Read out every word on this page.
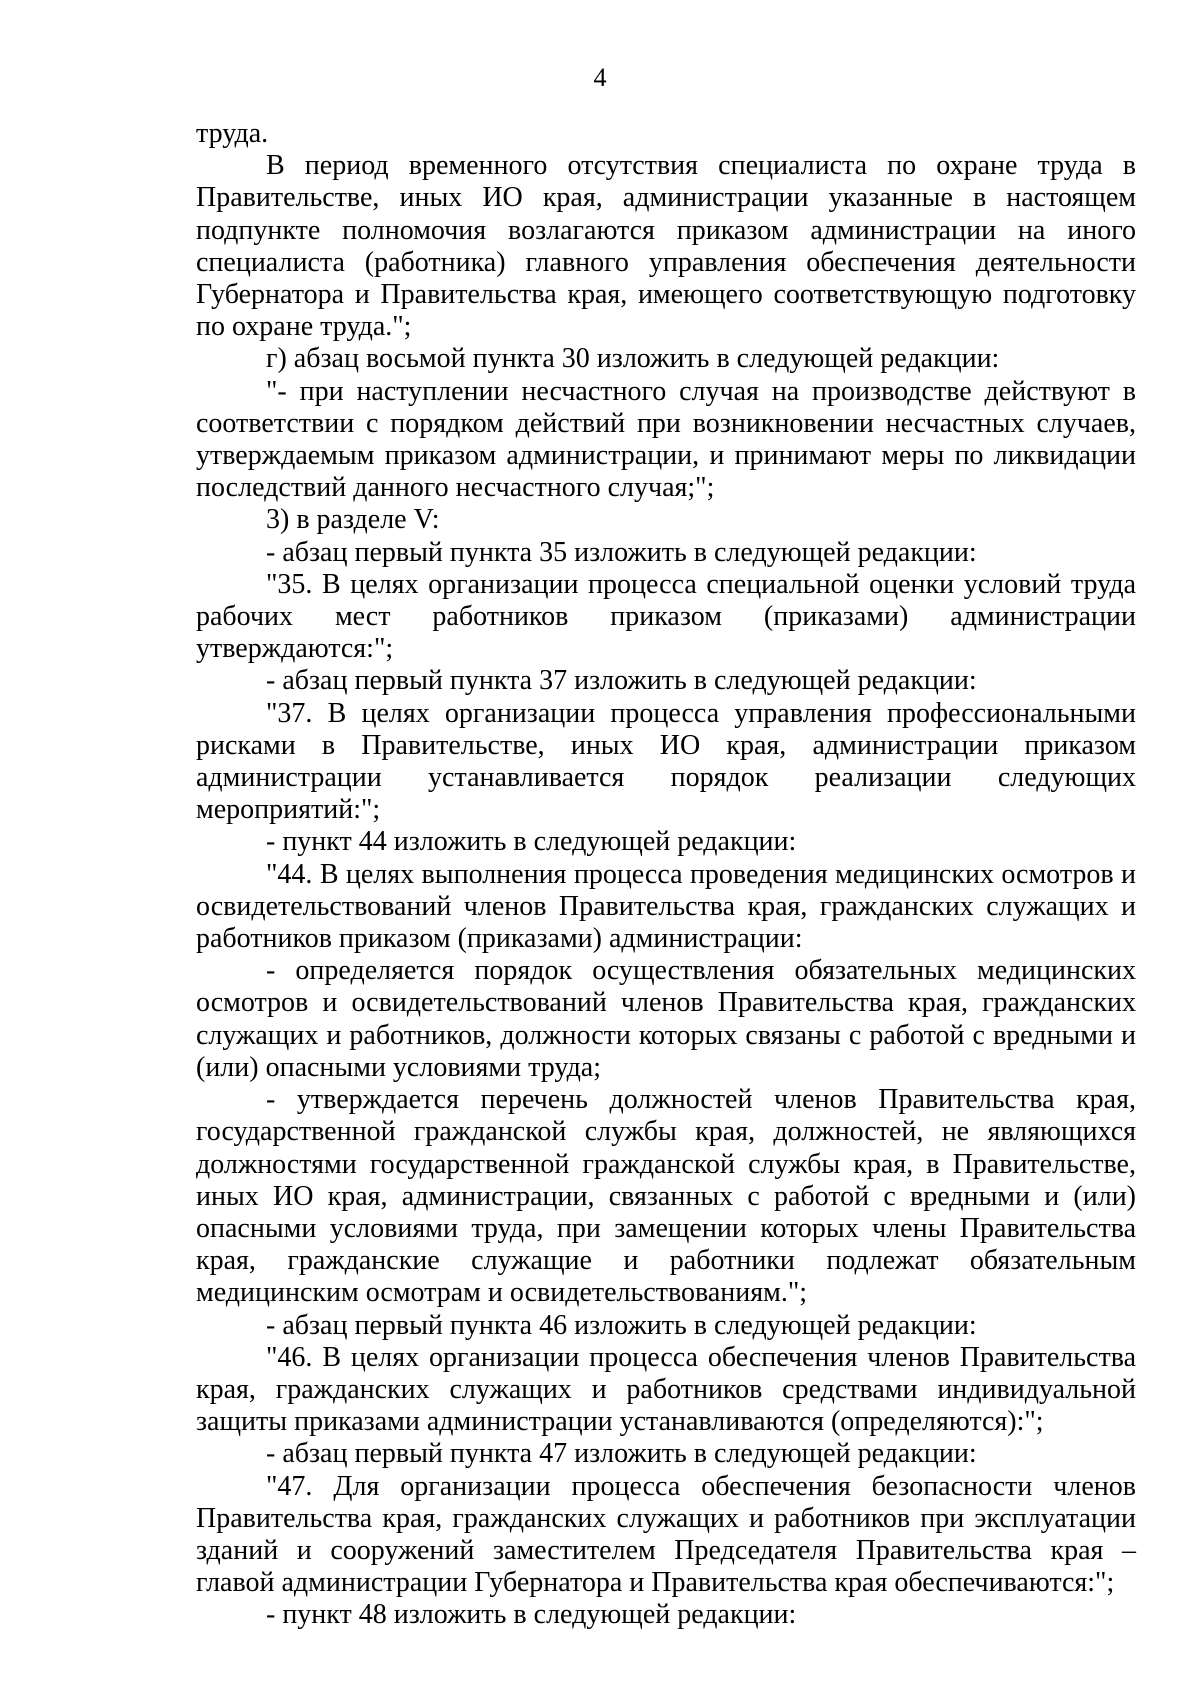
4

труда.

В период временного отсутствия специалиста по охране труда в Правительстве, иных ИО края, администрации указанные в настоящем подпункте полномочия возлагаются приказом администрации на иного специалиста (работника) главного управления обеспечения деятельности Губернатора и Правительства края, имеющего соответствующую подготовку по охране труда.";

г) абзац восьмой пункта 30 изложить в следующей редакции:

"- при наступлении несчастного случая на производстве действуют в соответствии с порядком действий при возникновении несчастных случаев, утверждаемым приказом администрации, и принимают меры по ликвидации последствий данного несчастного случая;";

3) в разделе V:

- абзац первый пункта 35 изложить в следующей редакции:

"35. В целях организации процесса специальной оценки условий труда рабочих мест работников приказом (приказами) администрации утверждаются:";

- абзац первый пункта 37 изложить в следующей редакции:

"37. В целях организации процесса управления профессиональными рисками в Правительстве, иных ИО края, администрации приказом администрации устанавливается порядок реализации следующих мероприятий:";

- пункт 44 изложить в следующей редакции:

"44. В целях выполнения процесса проведения медицинских осмотров и освидетельствований членов Правительства края, гражданских служащих и работников приказом (приказами) администрации:

- определяется порядок осуществления обязательных медицинских осмотров и освидетельствований членов Правительства края, гражданских служащих и работников, должности которых связаны с работой с вредными и (или) опасными условиями труда;

- утверждается перечень должностей членов Правительства края, государственной гражданской службы края, должностей, не являющихся должностями государственной гражданской службы края, в Правительстве, иных ИО края, администрации, связанных с работой с вредными и (или) опасными условиями труда, при замещении которых члены Правительства края, гражданские служащие и работники подлежат обязательным медицинским осмотрам и освидетельствованиям.";

- абзац первый пункта 46 изложить в следующей редакции:

"46. В целях организации процесса обеспечения членов Правительства края, гражданских служащих и работников средствами индивидуальной защиты приказами администрации устанавливаются (определяются):";

- абзац первый пункта 47 изложить в следующей редакции:

"47. Для организации процесса обеспечения безопасности членов Правительства края, гражданских служащих и работников при эксплуатации зданий и сооружений заместителем Председателя Правительства края – главой администрации Губернатора и Правительства края обеспечиваются:";

- пункт 48 изложить в следующей редакции:
